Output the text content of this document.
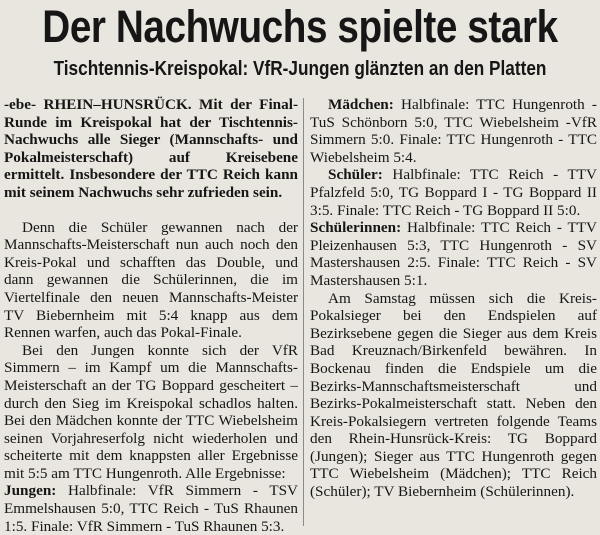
Der Nachwuchs spielte stark
Tischtennis-Kreispokal: VfR-Jungen glänzten an den Platten

-ebe- RHEIN–HUNSRÜCK. Mit der Final-Runde im Kreispokal hat der Tischtennis-Nachwuchs alle Sieger (Mannschafts- und Pokalmeisterschaft) auf Kreisebene ermittelt. Insbesondere der TTC Reich kann mit seinem Nachwuchs sehr zufrieden sein.

Denn die Schüler gewannen nach der Mannschafts-Meisterschaft nun auch noch den Kreis-Pokal und schafften das Double, und dann gewannen die Schülerinnen, die im Viertelfinale den neuen Mannschafts-Meister TV Biebernheim mit 5:4 knapp aus dem Rennen warfen, auch das Pokal-Finale.

Bei den Jungen konnte sich der VfR Simmern – im Kampf um die Mannschafts-Meisterschaft an der TG Boppard gescheitert – durch den Sieg im Kreispokal schadlos halten. Bei den Mädchen konnte der TTC Wiebelsheim seinen Vorjahreserfolg nicht wiederholen und scheiterte mit dem knappsten aller Ergebnisse mit 5:5 am TTC Hungenroth. Alle Ergebnisse:

Jungen: Halbfinale: VfR Simmern - TSV Emmelshausen 5:0, TTC Reich - TuS Rhaunen 1:5. Finale: VfR Simmern - TuS Rhaunen 5:3.

Mädchen: Halbfinale: TTC Hungenroth - TuS Schönborn 5:0, TTC Wiebelsheim -VfR Simmern 5:0. Finale: TTC Hungenroth - TTC Wiebelsheim 5:4.

Schüler: Halbfinale: TTC Reich - TTV Pfalzfeld 5:0, TG Boppard I - TG Boppard II 3:5. Finale: TTC Reich - TG Boppard II 5:0.

Schülerinnen: Halbfinale: TTC Reich - TTV Pleizenhausen 5:3, TTC Hungenroth - SV Mastershausen 2:5. Finale: TTC Reich - SV Mastershausen 5:1.

Am Samstag müssen sich die Kreis-Pokalsieger bei den Endspielen auf Bezirksebene gegen die Sieger aus dem Kreis Bad Kreuznach/Birkenfeld bewähren. In Bockenau finden die Endspiele um die Bezirks-Mannschaftsmeisterschaft und Bezirks-Pokalmeisterschaft statt. Neben den Kreis-Pokalsiegern vertreten folgende Teams den Rhein-Hunsrück-Kreis: TG Boppard (Jungen); Sieger aus TTC Hungenroth gegen TTC Wiebelsheim (Mädchen); TTC Reich (Schüler); TV Biebernheim (Schülerinnen).
